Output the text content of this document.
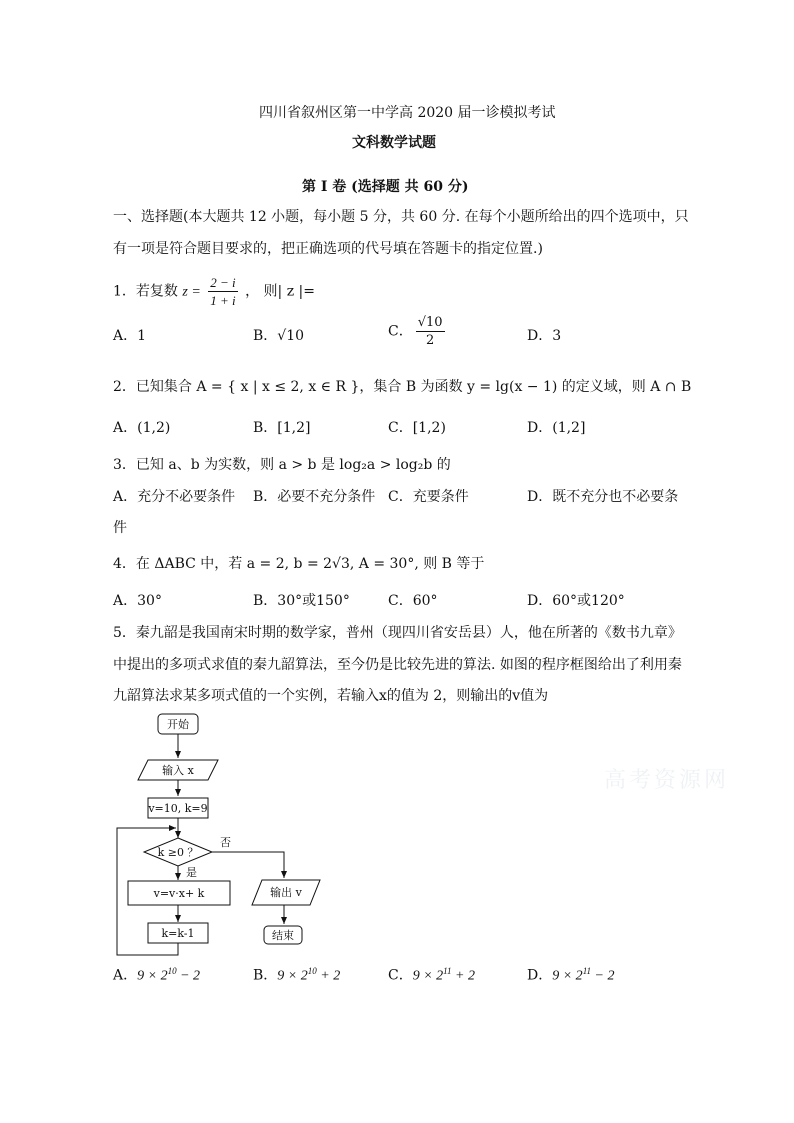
四川省叙州区第一中学高 2020 届一诊模拟考试
文科数学试题
第 I 卷 (选择题 共 60 分)
一、选择题(本大题共 12 小题，每小题 5 分，共 60 分. 在每个小题所给出的四个选项中，只
有一项是符合题目要求的，把正确选项的代号填在答题卡的指定位置.)
1．若复数 $z = \frac{2 - i}{1 + i}$ ， 则| z |=
A．1	B．√10	C． $\frac{√10}{2}$	D．3
2．已知集合 A = { x | x ≤ 2, x ∈ R }，集合 B 为函数 y = lg(x − 1) 的定义域，则 A ∩ B
A．(1,2)	B．[1,2]	C．[1,2)	D．(1,2]
3．已知 a、b 为实数，则 a > b 是 log₂a > log₂b 的
A．充分不必要条件 B．必要不充分条件 C．充要条件	D．既不充分也不必要条
件
4．在 ΔABC 中，若 a = 2, b = 2√3, A = 30°, 则 B 等于
A．30°	B．30°或150°	C．60°	D．60°或120°
5．秦九韶是我国南宋时期的数学家，普州（现四川省安岳县）人，他在所著的《数书九章》
中提出的多项式求值的秦九韶算法，至今仍是比较先进的算法. 如图的程序框图给出了利用秦
九韶算法求某多项式值的一个实例，若输入x的值为 2，则输出的v值为
开始
输入 x
v=10, k=9
k ≥0 ？
是
否
v=v·x+ k
k=k-1
输出 v
结束
高考资源网
A．$9 \times 2^{10} - 2$	B．$9 \times 2^{10} + 2$	C．$9 \times 2^{11} + 2$	D．$9 \times 2^{11} - 2$
